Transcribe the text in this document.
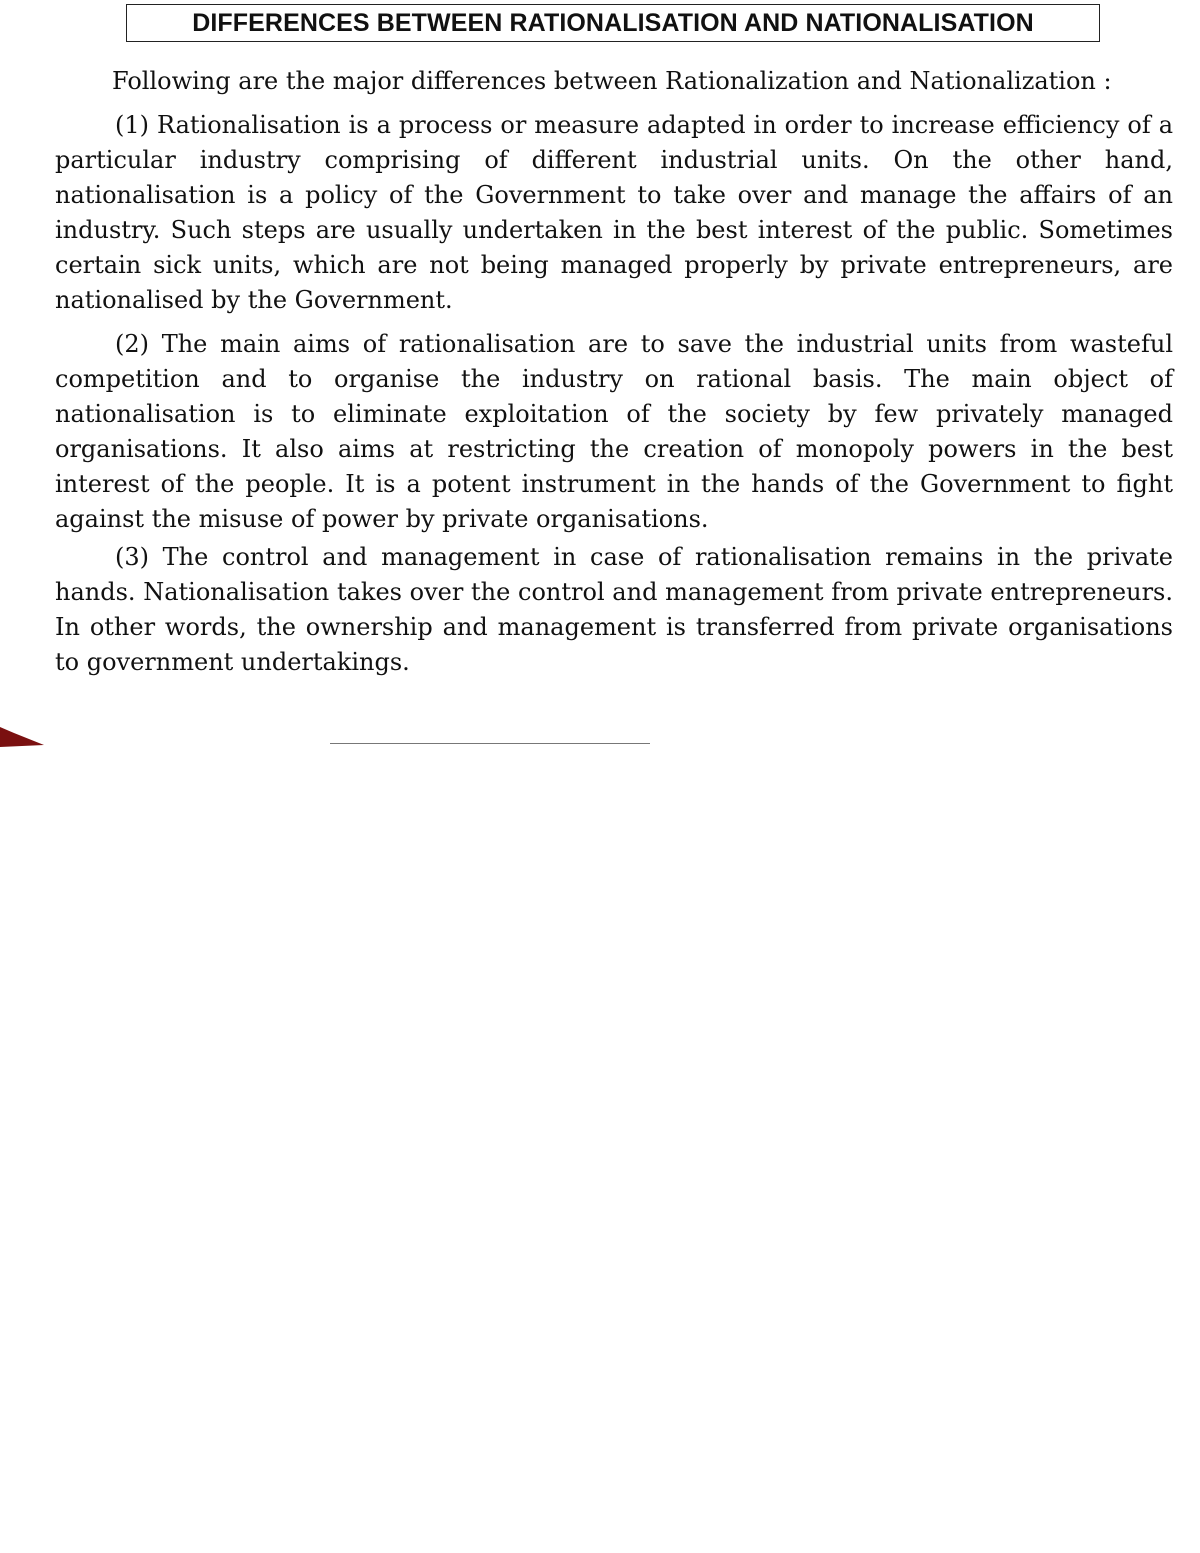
DIFFERENCES BETWEEN RATIONALISATION AND NATIONALISATION
Following are the major differences between Rationalization and Nationalization :

(1) Rationalisation is a process or measure adapted in order to increase efficiency of a particular industry comprising of different industrial units. On the other hand, nationalisation is a policy of the Government to take over and manage the affairs of an industry. Such steps are usually undertaken in the best interest of the public. Sometimes certain sick units, which are not being managed properly by private entrepreneurs, are nationalised by the Government.

(2) The main aims of rationalisation are to save the industrial units from wasteful competition and to organise the industry on rational basis. The main object of nationalisation is to eliminate exploitation of the society by few privately managed organisations. It also aims at restricting the creation of monopoly powers in the best interest of the people. It is a potent instrument in the hands of the Government to fight against the misuse of power by private organisations.

(3) The control and management in case of rationalisation remains in the private hands. Nationalisation takes over the control and management from private entrepreneurs. In other words, the ownership and management is transferred from private organisations to government undertakings.
